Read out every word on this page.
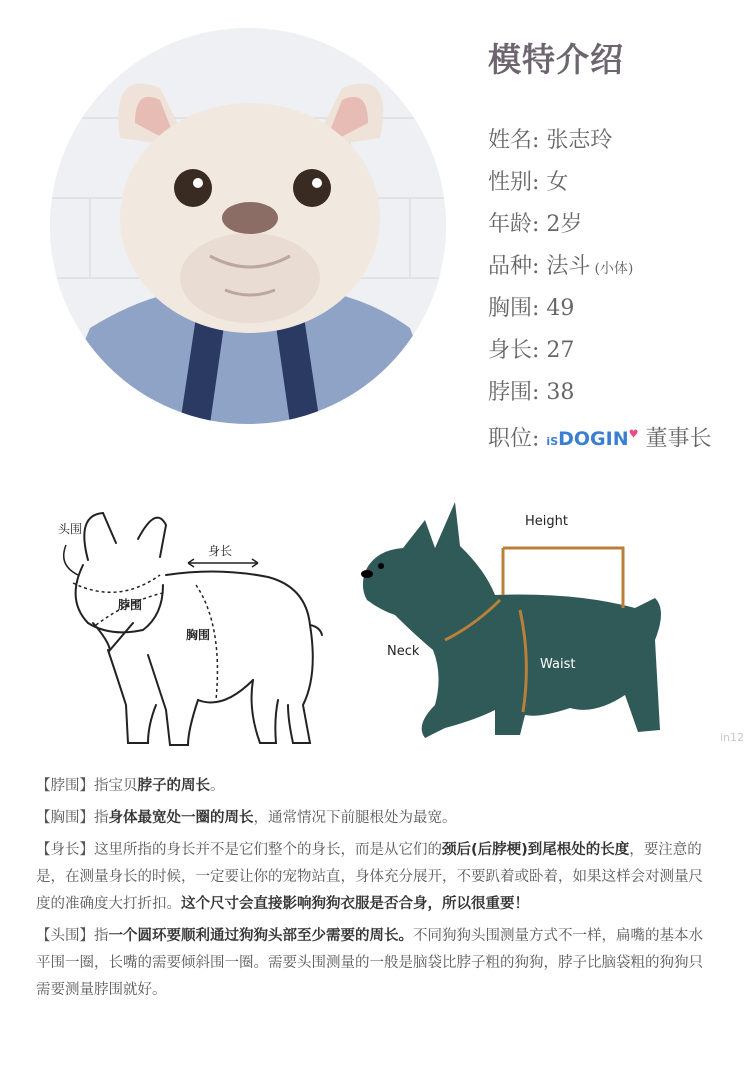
模特介绍
姓名: 张志玲
性别: 女
年龄: 2岁
品种: 法斗 (小体)
胸围: 49
身长: 27
脖围: 38
职位: iSDOGIN♥ 董事长
头围
身长
脖围
胸围
Height
Neck
Waist
in12

【脖围】指宝贝脖子的周长。

【胸围】指身体最宽处一圈的周长，通常情况下前腿根处为最宽。

【身长】这里所指的身长并不是它们整个的身长，而是从它们的颈后(后脖梗)到尾根处的长度，要注意的是，在测量身长的时候，一定要让你的宠物站直，身体充分展开，不要趴着或卧着，如果这样会对测量尺度的准确度大打折扣。这个尺寸会直接影响狗狗衣服是否合身，所以很重要！

【头围】指一个圆环要顺利通过狗狗头部至少需要的周长。不同狗狗头围测量方式不一样，扁嘴的基本水平围一圈，长嘴的需要倾斜围一圈。需要头围测量的一般是脑袋比脖子粗的狗狗，脖子比脑袋粗的狗狗只需要测量脖围就好。
